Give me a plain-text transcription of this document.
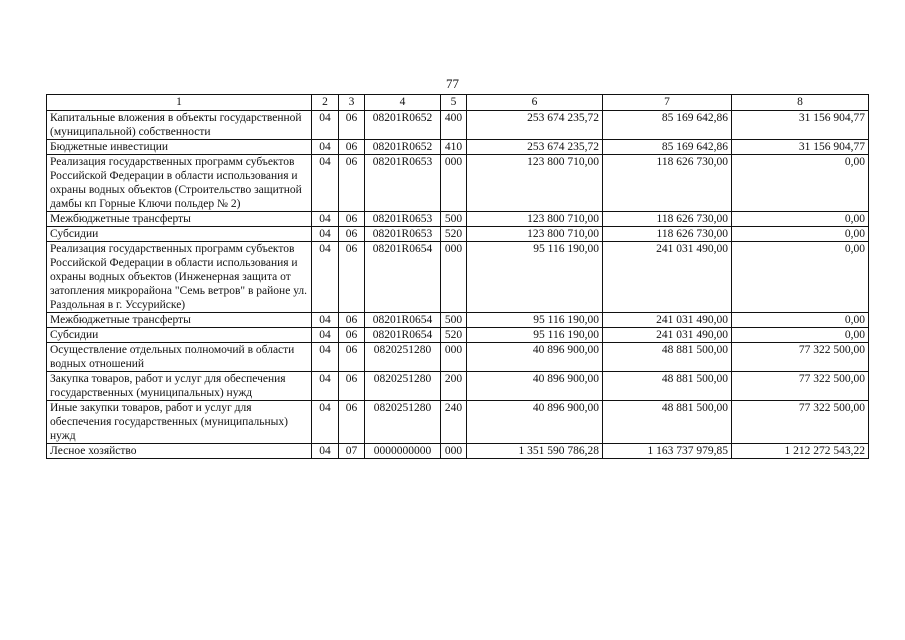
77
1	2	3	4	5	6	7	8
Капитальные вложения в объекты государственной (муниципальной) собственности	04	06	08201R0652	400	253 674 235,72	85 169 642,86	31 156 904,77
Бюджетные инвестиции	04	06	08201R0652	410	253 674 235,72	85 169 642,86	31 156 904,77
Реализация государственных программ субъектов Российской Федерации в области использования и охраны водных объектов (Строительство защитной дамбы кп Горные Ключи польдер № 2)	04	06	08201R0653	000	123 800 710,00	118 626 730,00	0,00
Межбюджетные трансферты	04	06	08201R0653	500	123 800 710,00	118 626 730,00	0,00
Субсидии	04	06	08201R0653	520	123 800 710,00	118 626 730,00	0,00
Реализация государственных программ субъектов Российской Федерации в области использования и охраны водных объектов (Инженерная защита от затопления микрорайона "Семь ветров" в районе ул. Раздольная в г. Уссурийске)	04	06	08201R0654	000	95 116 190,00	241 031 490,00	0,00
Межбюджетные трансферты	04	06	08201R0654	500	95 116 190,00	241 031 490,00	0,00
Субсидии	04	06	08201R0654	520	95 116 190,00	241 031 490,00	0,00
Осуществление отдельных полномочий в области водных отношений	04	06	0820251280	000	40 896 900,00	48 881 500,00	77 322 500,00
Закупка товаров, работ и услуг для обеспечения государственных (муниципальных) нужд	04	06	0820251280	200	40 896 900,00	48 881 500,00	77 322 500,00
Иные закупки товаров, работ и услуг для обеспечения государственных (муниципальных) нужд	04	06	0820251280	240	40 896 900,00	48 881 500,00	77 322 500,00
Лесное хозяйство	04	07	0000000000	000	1 351 590 786,28	1 163 737 979,85	1 212 272 543,22
